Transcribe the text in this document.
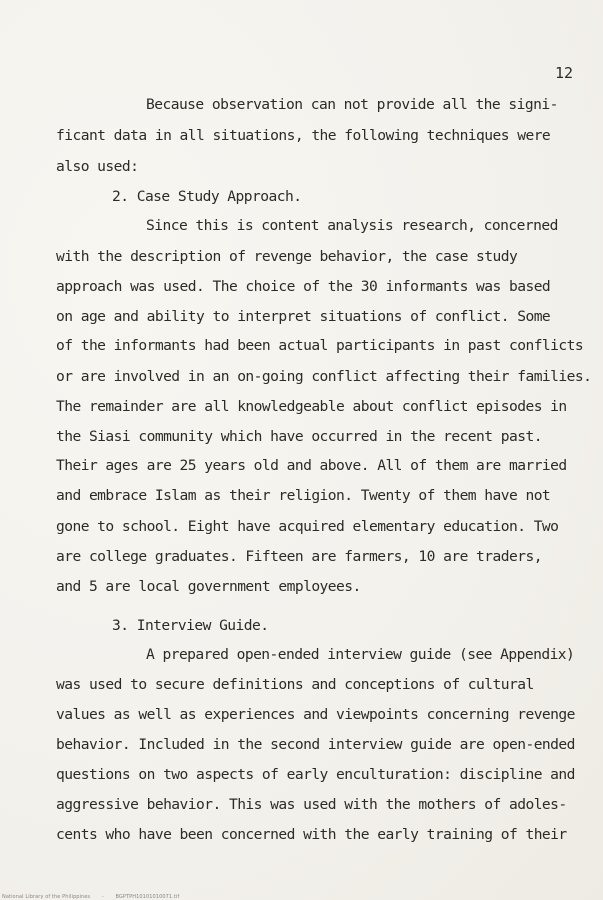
12
Because observation can not provide all the signi-
ficant data in all situations, the following techniques were
also used:
2. Case Study Approach.
Since this is content analysis research, concerned
with the description of revenge behavior, the case study
approach was used. The choice of the 30 informants was based
on age and ability to interpret situations of conflict. Some
of the informants had been actual participants in past conflicts
or are involved in an on-going conflict affecting their families.
The remainder are all knowledgeable about conflict episodes in
the Siasi community which have occurred in the recent past.
Their ages are 25 years old and above. All of them are married
and embrace Islam as their religion. Twenty of them have not
gone to school. Eight have acquired elementary education. Two
are college graduates. Fifteen are farmers, 10 are traders,
and 5 are local government employees.
3. Interview Guide.
A prepared open-ended interview guide (see Appendix)
was used to secure definitions and conceptions of cultural
values as well as experiences and viewpoints concerning revenge
behavior. Included in the second interview guide are open-ended
questions on two aspects of early enculturation: discipline and
aggressive behavior. This was used with the mothers of adoles-
cents who have been concerned with the early training of their
National Library of the Philippines - BGPTPH10101010071.tif
